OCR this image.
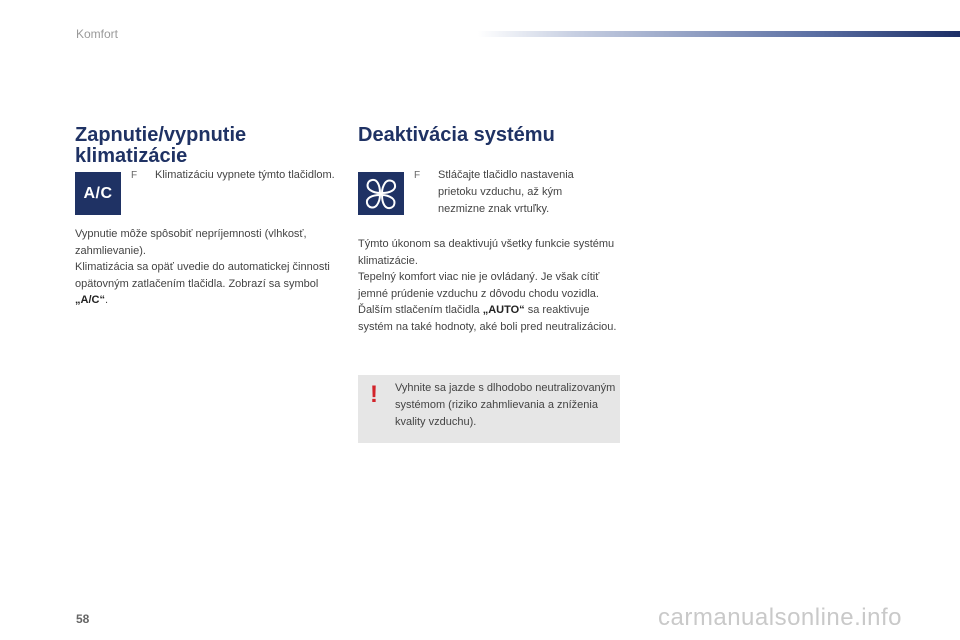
Komfort
Zapnutie/vypnutie
klimatizácie
A/C
F Klimatizáciu vypnete týmto tlačidlom.

Vypnutie môže spôsobiť nepríjemnosti (vlhkosť, zahmlievanie).

Klimatizácia sa opäť uvedie do automatickej činnosti opätovným zatlačením tlačidla. Zobrazí sa symbol „A/C“.

Deaktivácia systému
F Stláčajte tlačidlo nastavenia prietoku vzduchu, až kým nezmizne znak vrtuľky.

Týmto úkonom sa deaktivujú všetky funkcie systému klimatizácie.

Tepelný komfort viac nie je ovládaný. Je však cítiť jemné prúdenie vzduchu z dôvodu chodu vozidla.

Ďalším stlačením tlačidla „AUTO“ sa reaktivuje systém na také hodnoty, aké boli pred neutralizáciou.

! Vyhnite sa jazde s dlhodobo neutralizovaným systémom (riziko zahmlievania a zníženia kvality vzduchu).
58	carmanualsonline.info
